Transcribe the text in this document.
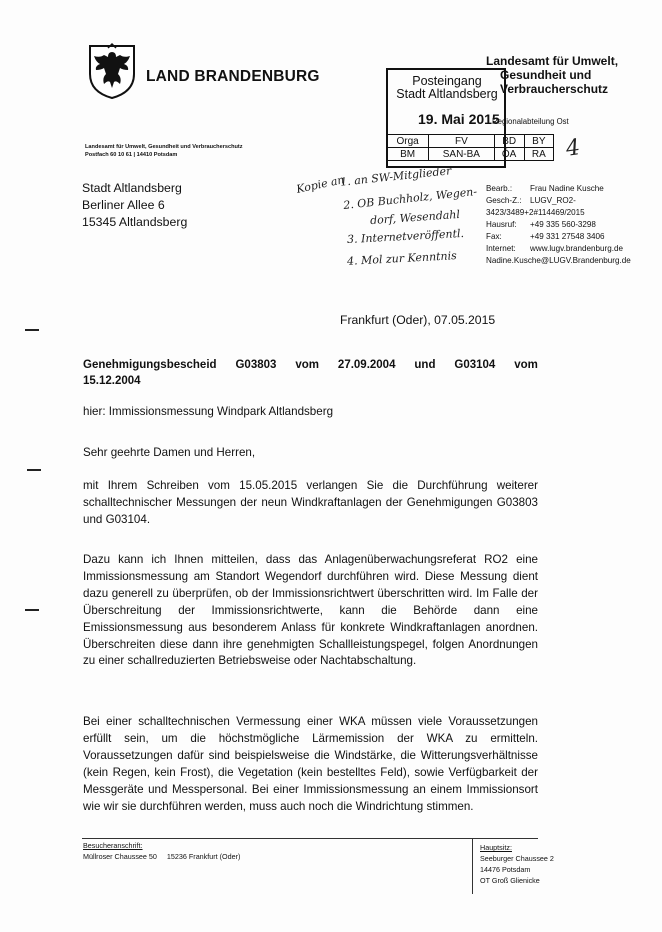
LAND BRANDENBURG
Landesamt für Umwelt, Gesundheit und Verbraucherschutz
Postfach 60 10 61 | 14410 Potsdam
Stadt Altlandsberg
Berliner Allee 6
15345 Altlandsberg
Landesamt für Umwelt,
Gesundheit und
Verbraucherschutz
Posteingang
Stadt Altlandsberg
19. Mai 2015
Regionalabteilung Ost
Orga	FV	BD	BY
BM	SAN-BA	ÖA	RA 4
Bearb.: Frau Nadine Kusche
Gesch-Z.: LUGV_RO2-
3423/3489+2#114469/2015
Hausruf: +49 335 560-3298
Fax:	+49 331 27548 3406
Internet: www.lugv.brandenburg.de
Nadine.Kusche@LUGV.Brandenburg.de
Kopie an
1. an SW-Mitglieder
2. OB Buchholz, Wegen-
dorf, Wesendahl
3. Internetveröffentl.
4. Mol zur Kenntnis
Frankfurt (Oder), 07.05.2015
Genehmigungsbescheid G03803 vom 27.09.2004 und G03104 vom
15.12.2004
hier: Immissionsmessung Windpark Altlandsberg
Sehr geehrte Damen und Herren,
mit Ihrem Schreiben vom 15.05.2015 verlangen Sie die Durchführung weiterer schalltechnischer Messungen der neun Windkraftanlagen der Genehmigungen G03803 und G03104.
Dazu kann ich Ihnen mitteilen, dass das Anlagenüberwachungsreferat RO2 eine Immissionsmessung am Standort Wegendorf durchführen wird. Diese Messung dient dazu generell zu überprüfen, ob der Immissionsrichtwert überschritten wird. Im Falle der Überschreitung der Immissionsrichtwerte, kann die Behörde dann eine Emissionsmessung aus besonderem Anlass für konkrete Windkraftanlagen anordnen. Überschreiten diese dann ihre genehmigten Schallleistungspegel, folgen Anordnungen zu einer schallreduzierten Betriebsweise oder Nachtabschaltung.
Bei einer schalltechnischen Vermessung einer WKA müssen viele Voraussetzungen erfüllt sein, um die höchstmögliche Lärmemission der WKA zu ermitteln. Voraussetzungen dafür sind beispielsweise die Windstärke, die Witterungsverhältnisse (kein Regen, kein Frost), die Vegetation (kein bestelltes Feld), sowie Verfügbarkeit der Messgeräte und Messpersonal. Bei einer Immissionsmessung an einem Immissionsort wie wir sie durchführen werden, muss auch noch die Windrichtung stimmen.
Besucheranschrift:
Müllroser Chaussee 50 15236 Frankfurt (Oder)
Hauptsitz:
Seeburger Chaussee 2
14476 Potsdam
OT Groß Glienicke
